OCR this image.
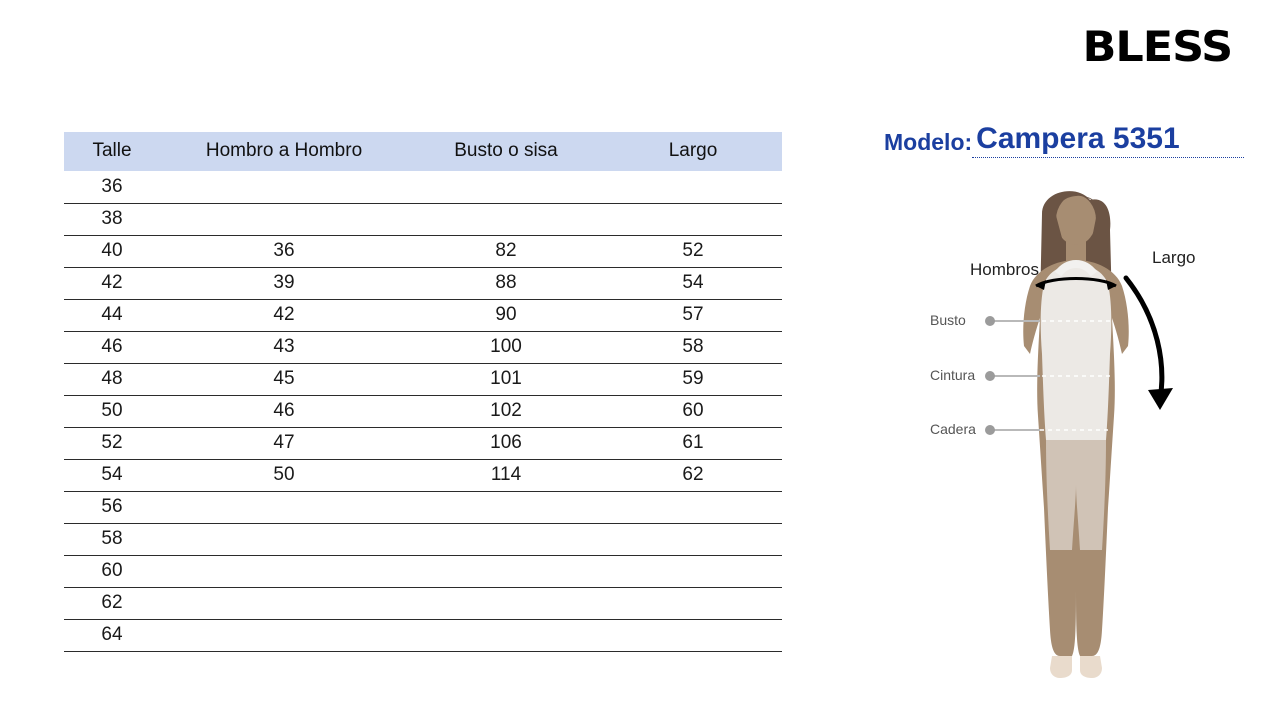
BLESS
Talle	Hombro a Hombro	Busto o sisa	Largo
36			
38			
40	36	82	52
42	39	88	54
44	42	90	57
46	43	100	58
48	45	101	59
50	46	102	60
52	47	106	61
54	50	114	62
56			
58			
60			
62			
64			
Modelo: Campera 5351
Hombros
Largo
Busto
Cintura
Cadera
